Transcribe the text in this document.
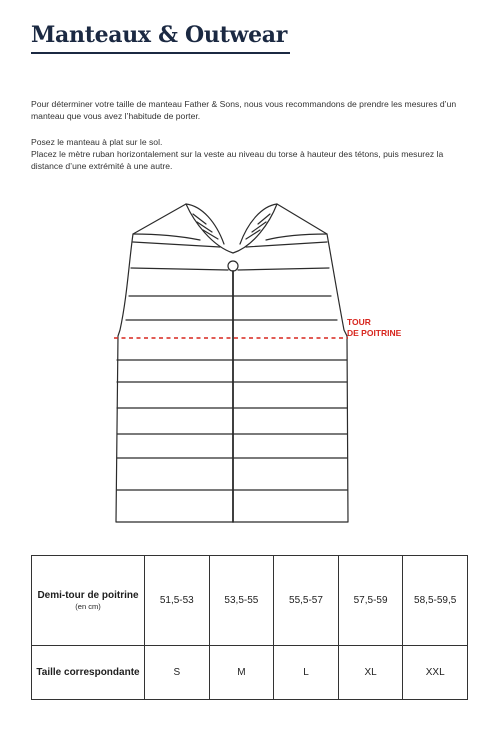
Manteaux & Outwear

Pour déterminer votre taille de manteau Father & Sons, nous vous recommandons de prendre les mesures d’un manteau que vous avez l’habitude de porter.

Posez le manteau à plat sur le sol.
Placez le mètre ruban horizontalement sur la veste au niveau du torse à hauteur des tétons, puis mesurez la distance d’une extrémité à une autre.
TOUR
DE POITRINE
Demi-tour de poitrine
(en cm)	51,5-53	53,5-55	55,5-57	57,5-59	58,5-59,5
Taille correspondante	S	M	L	XL	XXL
